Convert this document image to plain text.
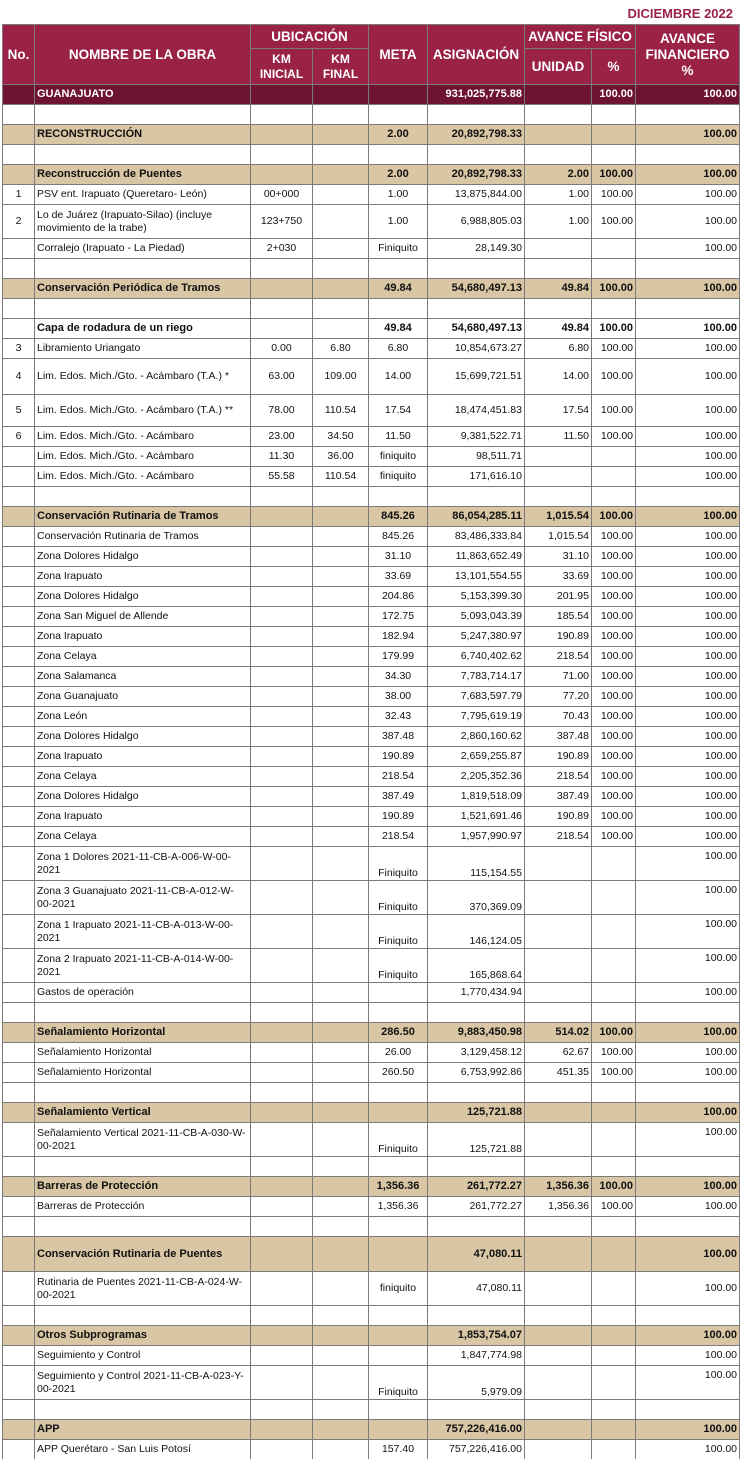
DICIEMBRE 2022
No.	NOMBRE DE LA OBRA	UBICACIÓN		META	ASIGNACIÓN	AVANCE FÍSICO		AVANCE FINANCIERO %
		KM INICIAL	KM FINAL			UNIDAD	%	
	GUANAJUATO				931,025,775.88		100.00	100.00

	RECONSTRUCCIÓN			2.00	20,892,798.33			100.00

	Reconstrucción de Puentes			2.00	20,892,798.33	2.00	100.00	100.00
1	PSV ent. Irapuato (Queretaro- León)	00+000		1.00	13,875,844.00	1.00	100.00	100.00
2	Lo de Juárez (Irapuato-Silao) (incluye movimiento de la trabe)	123+750		1.00	6,988,805.03	1.00	100.00	100.00
	Corralejo (Irapuato - La Piedad)	2+030		Finiquito	28,149.30			100.00

	Conservación Periódica de Tramos			49.84	54,680,497.13	49.84	100.00	100.00

	Capa de rodadura de un riego			49.84	54,680,497.13	49.84	100.00	100.00
3	Libramiento Uriangato	0.00	6.80	6.80	10,854,673.27	6.80	100.00	100.00
4	Lim. Edos. Mich./Gto. - Acámbaro (T.A.) *	63.00	109.00	14.00	15,699,721.51	14.00	100.00	100.00
5	Lim. Edos. Mich./Gto. - Acámbaro (T.A.) **	78.00	110.54	17.54	18,474,451.83	17.54	100.00	100.00
6	Lim. Edos. Mich./Gto. - Acámbaro	23.00	34.50	11.50	9,381,522.71	11.50	100.00	100.00
	Lim. Edos. Mich./Gto. - Acámbaro	11.30	36.00	finiquito	98,511.71			100.00
	Lim. Edos. Mich./Gto. - Acámbaro	55.58	110.54	finiquito	171,616.10			100.00

	Conservación Rutinaria de Tramos			845.26	86,054,285.11	1,015.54	100.00	100.00
	Conservación Rutinaria de Tramos			845.26	83,486,333.84	1,015.54	100.00	100.00
	Zona Dolores Hidalgo			31.10	11,863,652.49	31.10	100.00	100.00
	Zona Irapuato			33.69	13,101,554.55	33.69	100.00	100.00
	Zona Dolores Hidalgo			204.86	5,153,399.30	201.95	100.00	100.00
	Zona San Miguel de Allende			172.75	5,093,043.39	185.54	100.00	100.00
	Zona Irapuato			182.94	5,247,380.97	190.89	100.00	100.00
	Zona Celaya			179.99	6,740,402.62	218.54	100.00	100.00
	Zona Salamanca			34.30	7,783,714.17	71.00	100.00	100.00
	Zona Guanajuato			38.00	7,683,597.79	77.20	100.00	100.00
	Zona León			32.43	7,795,619.19	70.43	100.00	100.00
	Zona Dolores Hidalgo			387.48	2,860,160.62	387.48	100.00	100.00
	Zona Irapuato			190.89	2,659,255.87	190.89	100.00	100.00
	Zona Celaya			218.54	2,205,352.36	218.54	100.00	100.00
	Zona Dolores Hidalgo			387.49	1,819,518.09	387.49	100.00	100.00
	Zona Irapuato			190.89	1,521,691.46	190.89	100.00	100.00
	Zona Celaya			218.54	1,957,990.97	218.54	100.00	100.00
	Zona 1 Dolores 2021-11-CB-A-006-W-00-2021			Finiquito	115,154.55			100.00
	Zona 3 Guanajuato 2021-11-CB-A-012-W-00-2021			Finiquito	370,369.09			100.00
	Zona 1 Irapuato 2021-11-CB-A-013-W-00-2021			Finiquito	146,124.05			100.00
	Zona 2 Irapuato 2021-11-CB-A-014-W-00-2021			Finiquito	165,868.64			100.00
	Gastos de operación				1,770,434.94			100.00

	Señalamiento Horizontal			286.50	9,883,450.98	514.02	100.00	100.00
	Señalamiento Horizontal			26.00	3,129,458.12	62.67	100.00	100.00
	Señalamiento Horizontal			260.50	6,753,992.86	451.35	100.00	100.00

	Señalamiento Vertical				125,721.88			100.00
	Señalamiento Vertical 2021-11-CB-A-030-W-00-2021			Finiquito	125,721.88			100.00

	Barreras de Protección			1,356.36	261,772.27	1,356.36	100.00	100.00
	Barreras de Protección			1,356.36	261,772.27	1,356.36	100.00	100.00

	Conservación Rutinaria de Puentes				47,080.11			100.00
	Rutinaria de Puentes 2021-11-CB-A-024-W-00-2021			finiquito	47,080.11			100.00

	Otros Subprogramas				1,853,754.07			100.00
	Seguimiento y Control				1,847,774.98			100.00
	Seguimiento y Control 2021-11-CB-A-023-Y-00-2021			Finiquito	5,979.09			100.00

	APP				757,226,416.00			100.00
	APP Querétaro - San Luis Potosí			157.40	757,226,416.00			100.00
